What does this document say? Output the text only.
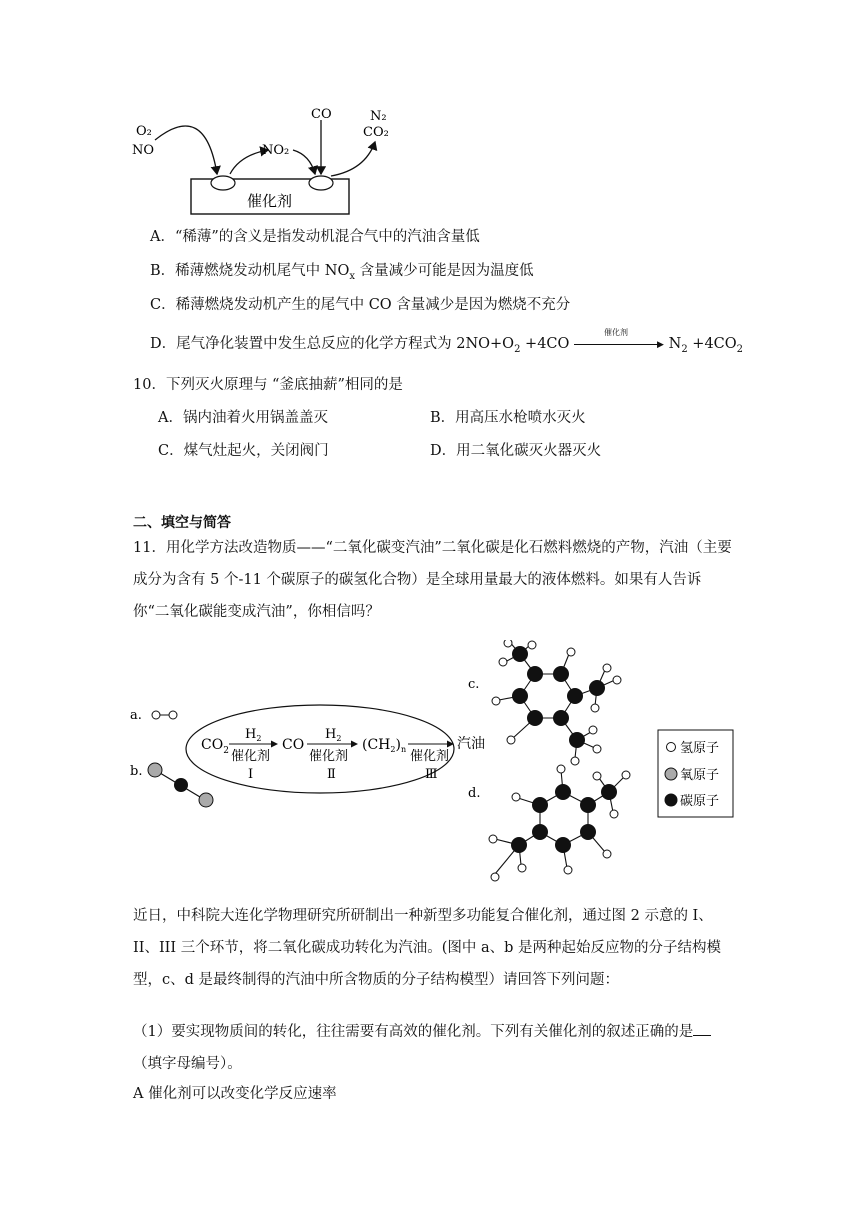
O₂
NO	NO₂
CO	N₂
CO₂
催化剂
A．“稀薄”的含义是指发动机混合气中的汽油含量低
B．稀薄燃烧发动机尾气中 $NO_x$ 含量减少可能是因为温度低
C．稀薄燃烧发动机产生的尾气中 CO 含量减少是因为燃烧不充分
D．尾气净化装置中发生总反应的化学方程式为 $2NO+O_2 +4CO$
催化剂
▶ $N_2 +4CO_2$
10．下列灭火原理与 “釜底抽薪”相同的是
A．锅内油着火用锅盖盖灭	B．用高压水枪喷水灭火
C．煤气灶起火，关闭阀门	D．用二氧化碳灭火器灭火
二、填空与简答
11．用化学方法改造物质——“二氧化碳变汽油”二氧化碳是化石燃料燃烧的产物，汽油（主要成分为含有 5 个-11 个碳原子的碳氢化合物）是全球用量最大的液体燃料。如果有人告诉你“二氧化碳能变成汽油”，你相信吗？
a.
b.
$CO_2$
$H_2$
催化剂
Ⅰ
CO
$H_2$
催化剂
Ⅱ
$(CH_2)_n$ 催化剂
Ⅲ
汽油
c.
d.
氢原子
氧原子
碳原子
近日，中科院大连化学物理研究所研制出一种新型多功能复合催化剂，通过图 2 示意的 I、II、III 三个环节，将二氧化碳成功转化为汽油。(图中 a、b 是两种起始反应物的分子结构模型，c、d 是最终制得的汽油中所含物质的分子结构模型）请回答下列问题：
（1）要实现物质间的转化，往往需要有高效的催化剂。下列有关催化剂的叙述正确的是（填字母编号）。
A 催化剂可以改变化学反应速率
